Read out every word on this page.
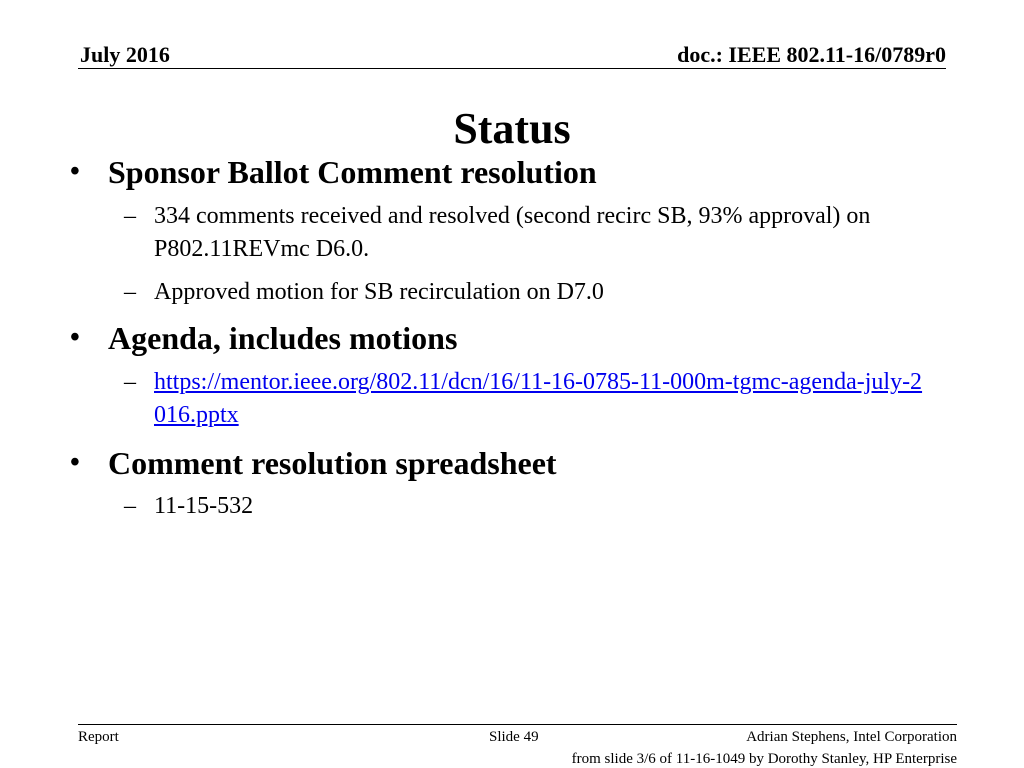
July 2016	doc.: IEEE 802.11-16/0789r0
Status
• Sponsor Ballot Comment resolution
– 334 comments received and resolved (second recirc SB, 93% approval) on P802.11REVmc D6.0.
– Approved motion for SB recirculation on D7.0
• Agenda, includes motions
– https://mentor.ieee.org/802.11/dcn/16/11-16-0785-11-000m-tgmc-agenda-july-2016.pptx
• Comment resolution spreadsheet
– 11-15-532
Report	Slide 49	Adrian Stephens, Intel Corporation
from slide 3/6 of 11-16-1049 by Dorothy Stanley, HP Enterprise
